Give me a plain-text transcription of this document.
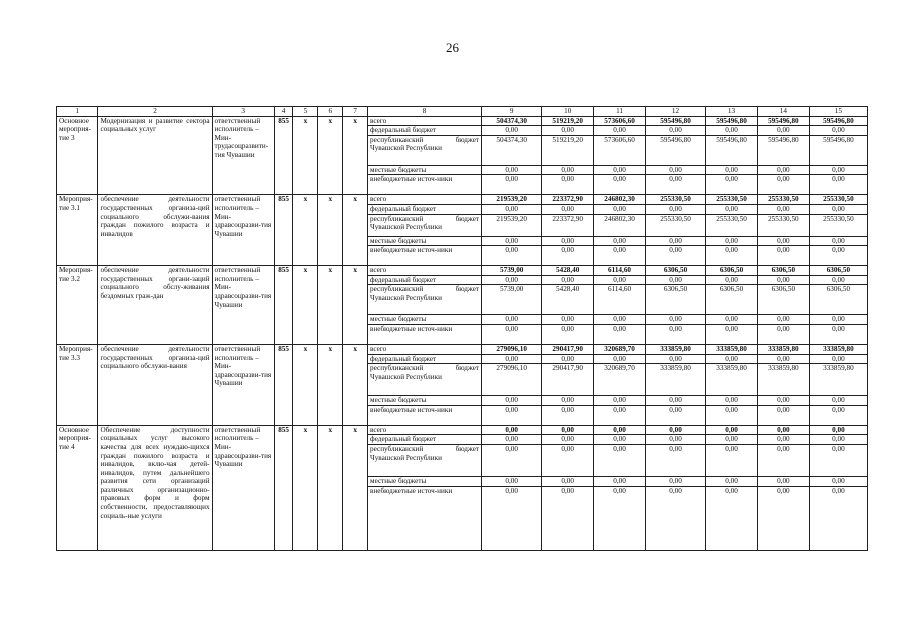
26
1	2	3	4	5	6	7	8	9	10	11	12	13	14	15
Основное мероприя-тие 3	Модернизация и развитие сектора социальных услуг	ответственный исполнитель – Мин-трудасоцразвити-тия Чувашии	855	х	х	х	всего	504374,30	519219,20	573606,60	595496,80	595496,80	595496,80	595496,80
							федеральный бюджет	0,00	0,00	0,00	0,00	0,00	0,00	0,00
							республиканский бюджет Чувашской Республики	504374,30	519219,20	573606,60	595496,80	595496,80	595496,80	595496,80
							местные бюджеты	0,00	0,00	0,00	0,00	0,00	0,00	0,00
							внебюджетные источ-ники	0,00	0,00	0,00	0,00	0,00	0,00	0,00
Мероприя-тие 3.1	обеспечение деятельности государственных организа-ций социального обслужи-вания граждан пожилого возраста и инвалидов	ответственный исполнитель – Мин-здравсоцразви-тия Чувашии	855	х	х	х	всего	219539,20	223372,90	246802,30	255330,50	255330,50	255330,50	255330,50
							федеральный бюджет	0,00	0,00	0,00	0,00	0,00	0,00	0,00
							республиканский бюджет Чувашской Республики	219539,20	223372,90	246802,30	255330,50	255330,50	255330,50	255330,50
							местные бюджеты	0,00	0,00	0,00	0,00	0,00	0,00	0,00
							внебюджетные источ-ники	0,00	0,00	0,00	0,00	0,00	0,00	0,00
Мероприя-тие 3.2	обеспечение деятельности государственных органи-заций социального обслу-живания бездомных граж-дан	ответственный исполнитель – Мин-здравсоцразви-тия Чувашии	855	х	х	х	всего	5739,00	5428,40	6114,60	6306,50	6306,50	6306,50	6306,50
							федеральный бюджет	0,00	0,00	0,00	0,00	0,00	0,00	0,00
							республиканский бюджет Чувашской Республики	5739,00	5428,40	6114,60	6306,50	6306,50	6306,50	6306,50
							местные бюджеты	0,00	0,00	0,00	0,00	0,00	0,00	0,00
							внебюджетные источ-ники	0,00	0,00	0,00	0,00	0,00	0,00	0,00
Мероприя-тие 3.3	обеспечение деятельности государственных организа-ций социального обслужи-вания	ответственный исполнитель – Мин-здравсоцразви-тия Чувашии	855	х	х	х	всего	279096,10	290417,90	320689,70	333859,80	333859,80	333859,80	333859,80
							федеральный бюджет	0,00	0,00	0,00	0,00	0,00	0,00	0,00
							республиканский бюджет Чувашской Республики	279096,10	290417,90	320689,70	333859,80	333859,80	333859,80	333859,80
							местные бюджеты	0,00	0,00	0,00	0,00	0,00	0,00	0,00
							внебюджетные источ-ники	0,00	0,00	0,00	0,00	0,00	0,00	0,00
Основное мероприя-тие 4	Обеспечение доступности социальных услуг высокого качества для всех нуждаю-щихся граждан пожилого возраста и инвалидов, вклю-чая детей-инвалидов, путем дальнейшего развития сети организаций различных организационно-правовых форм и форм собственности, предоставляющих социаль-ные услуги	ответственный исполнитель – Мин-здравсоцразви-тия Чувашии	855	х	х	х	всего	0,00	0,00	0,00	0,00	0,00	0,00	0,00
							федеральный бюджет	0,00	0,00	0,00	0,00	0,00	0,00	0,00
							республиканский бюджет Чувашской Республики	0,00	0,00	0,00	0,00	0,00	0,00	0,00
							местные бюджеты	0,00	0,00	0,00	0,00	0,00	0,00	0,00
							внебюджетные источ-ники	0,00	0,00	0,00	0,00	0,00	0,00	0,00
